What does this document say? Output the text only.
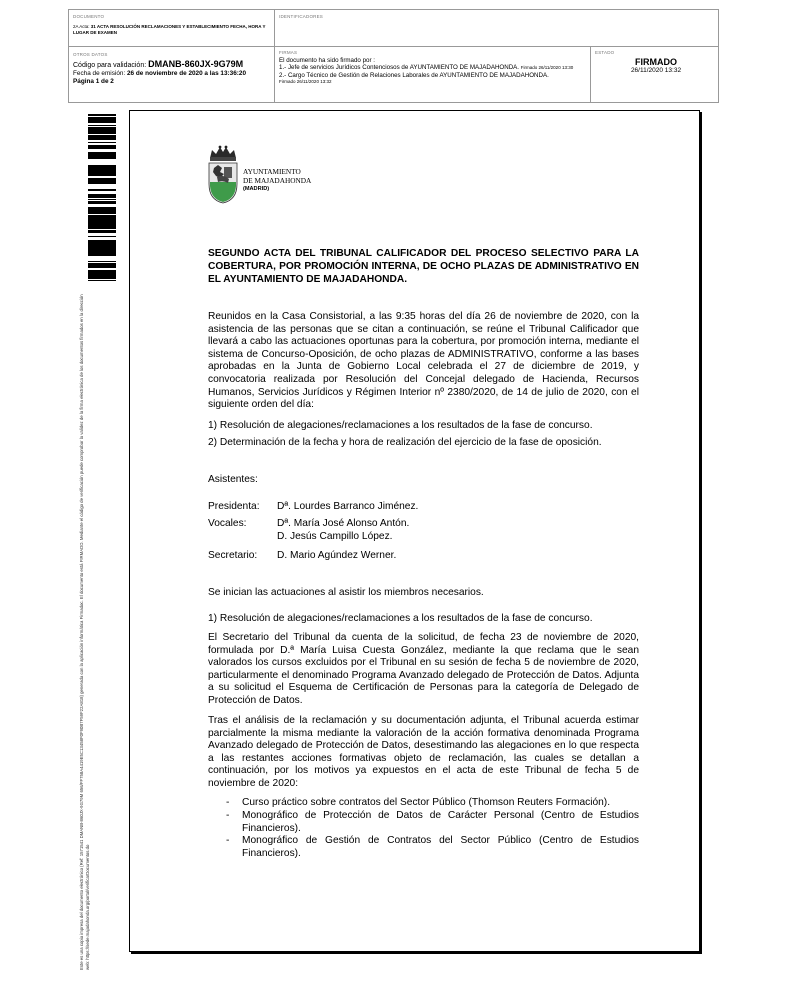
DOCUMENTO
2A Acta: 31 ACTA RESOLUCIÓN RECLAMACIONES Y ESTABLECIMIENTO FECHA, HORA Y LUGAR DE EXAMEN
IDENTIFICADORES
OTROS DATOS
Código para validación: DMANB-860JX-9G79M
Fecha de emisión: 26 de noviembre de 2020 a las 13:36:20
Página 1 de 2
FIRMAS
El documento ha sido firmado por :
1.- Jefe de servicios Jurídicos Contenciosos de AYUNTAMIENTO DE MAJADAHONDA. Firmado 26/11/2020 13:30
2.- Cargo Técnico de Gestión de Relaciones Laborales de AYUNTAMIENTO DE MAJADAHONDA.
Firmado 26/11/2020 13:32
ESTADO
FIRMADO
26/11/2020 13:32
Este es una copia impresa del documento electrónico (Ref: 1571541 DMANB-860JX-9G79M 656/FF758A4419E5C13458F0F90B7F59F22A818) generada con la aplicación informática Firmadoc. El documento está FIRMADO. Mediante el código de verificación puede comprobar la validez de la firma electrónica de los documentos firmados en la dirección web: https://sede.majadahonda.org/portal/verificarDocumentos.do
AYUNTAMIENTO
DE MAJADAHONDA
(MADRID)
SEGUNDO ACTA DEL TRIBUNAL CALIFICADOR DEL PROCESO SELECTIVO PARA LA COBERTURA, POR PROMOCIÓN INTERNA, DE OCHO PLAZAS DE ADMINISTRATIVO EN EL AYUNTAMIENTO DE MAJADAHONDA.
Reunidos en la Casa Consistorial, a las 9:35 horas del día 26 de noviembre de 2020, con la asistencia de las personas que se citan a continuación, se reúne el Tribunal Calificador que llevará a cabo las actuaciones oportunas para la cobertura, por promoción interna, mediante el sistema de Concurso-Oposición, de ocho plazas de ADMINISTRATIVO, conforme a las bases aprobadas en la Junta de Gobierno Local celebrada el 27 de diciembre de 2019, y convocatoria realizada por Resolución del Concejal delegado de Hacienda, Recursos Humanos, Servicios Jurídicos y Régimen Interior nº 2380/2020, de 14 de julio de 2020, con el siguiente orden del día:
1) Resolución de alegaciones/reclamaciones a los resultados de la fase de concurso.
2) Determinación de la fecha y hora de realización del ejercicio de la fase de oposición.
Asistentes:
Presidenta: Dª. Lourdes Barranco Jiménez.
Vocales:	Dª. María José Alonso Antón.
D. Jesús Campillo López.
Secretario: D. Mario Agúndez Werner.
Se inician las actuaciones al asistir los miembros necesarios.
1) Resolución de alegaciones/reclamaciones a los resultados de la fase de concurso.
El Secretario del Tribunal da cuenta de la solicitud, de fecha 23 de noviembre de 2020, formulada por D.ª María Luisa Cuesta González, mediante la que reclama que le sean valorados los cursos excluidos por el Tribunal en su sesión de fecha 5 de noviembre de 2020, particularmente el denominado Programa Avanzado delegado de Protección de Datos. Adjunta a su solicitud el Esquema de Certificación de Personas para la categoría de Delegado de Protección de Datos.
Tras el análisis de la reclamación y su documentación adjunta, el Tribunal acuerda estimar parcialmente la misma mediante la valoración de la acción formativa denominada Programa Avanzado delegado de Protección de Datos, desestimando las alegaciones en lo que respecta a las restantes acciones formativas objeto de reclamación, las cuales se detallan a continuación, por los motivos ya expuestos en el acta de este Tribunal de fecha 5 de noviembre de 2020:
- Curso práctico sobre contratos del Sector Público (Thomson Reuters Formación).
- Monográfico de Protección de Datos de Carácter Personal (Centro de Estudios Financieros).
- Monográfico de Gestión de Contratos del Sector Público (Centro de Estudios Financieros).
